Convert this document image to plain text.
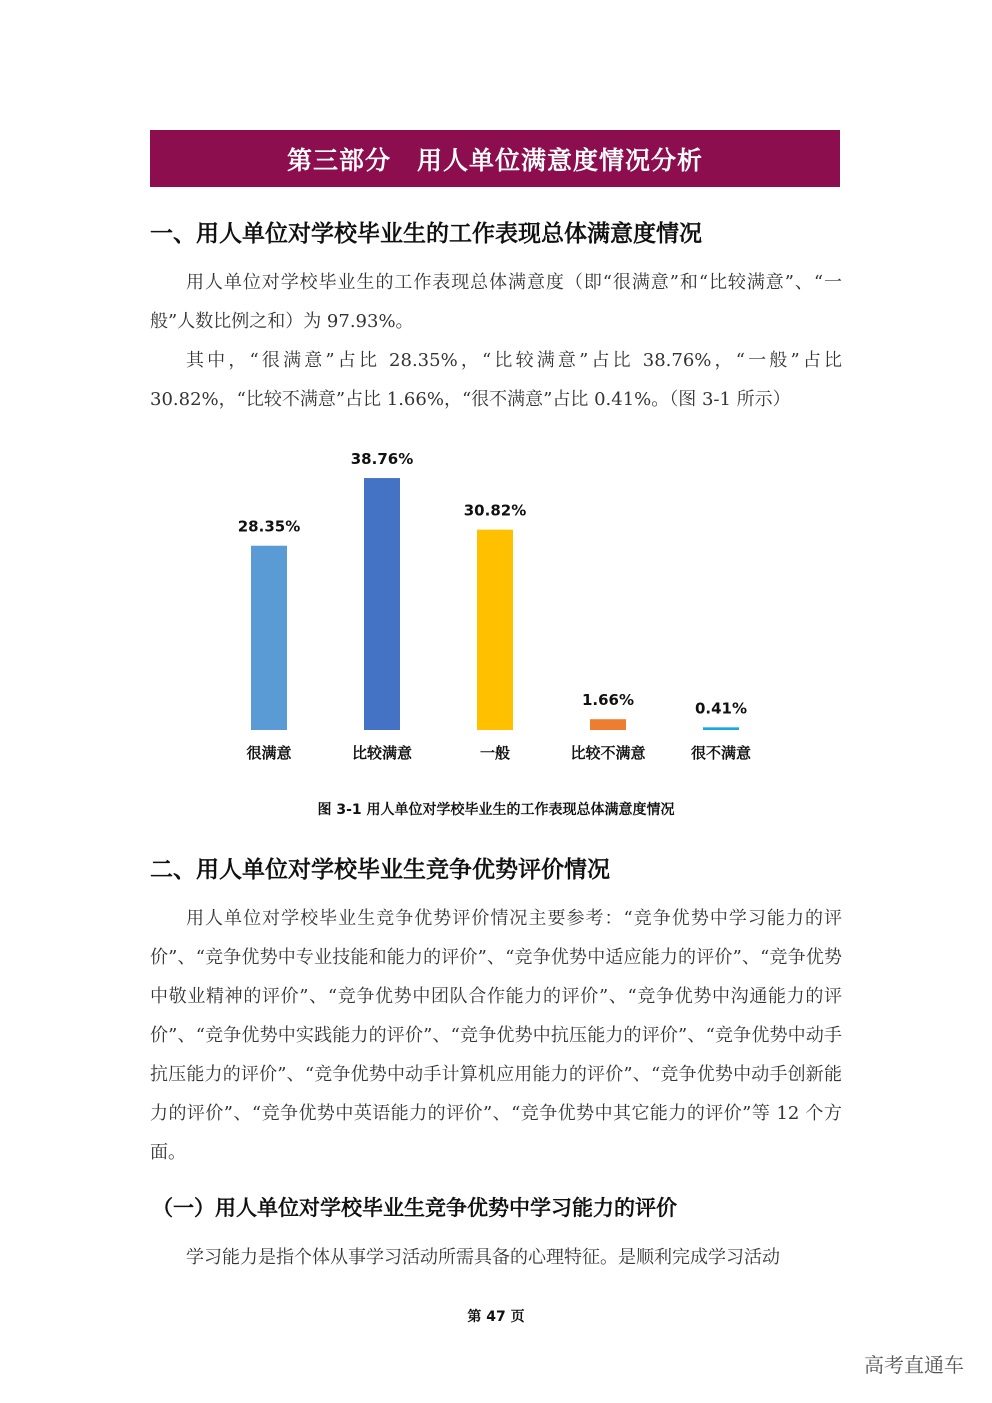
第三部分　用人单位满意度情况分析
一、用人单位对学校毕业生的工作表现总体满意度情况

用人单位对学校毕业生的工作表现总体满意度（即“很满意”和“比较满意”、“一般”人数比例之和）为 97.93%。

其中，“很满意”占比 28.35%，“比较满意”占比 38.76%，“一般”占比 30.82%，“比较不满意”占比 1.66%，“很不满意”占比 0.41%。（图 3-1 所示）

28.35%
很满意
38.76%
比较满意
30.82%
一般
1.66%
比较不满意
0.41%
很不满意
图 3-1 用人单位对学校毕业生的工作表现总体满意度情况
二、用人单位对学校毕业生竞争优势评价情况

用人单位对学校毕业生竞争优势评价情况主要参考：“竞争优势中学习能力的评价”、“竞争优势中专业技能和能力的评价”、“竞争优势中适应能力的评价”、“竞争优势中敬业精神的评价”、“竞争优势中团队合作能力的评价”、“竞争优势中沟通能力的评价”、“竞争优势中实践能力的评价”、“竞争优势中抗压能力的评价”、“竞争优势中动手抗压能力的评价”、“竞争优势中动手计算机应用能力的评价”、“竞争优势中动手创新能力的评价”、“竞争优势中英语能力的评价”、“竞争优势中其它能力的评价”等 12 个方面。

（一）用人单位对学校毕业生竞争优势中学习能力的评价

学习能力是指个体从事学习活动所需具备的心理特征。是顺利完成学习活动

第 47 页
高考直通车
